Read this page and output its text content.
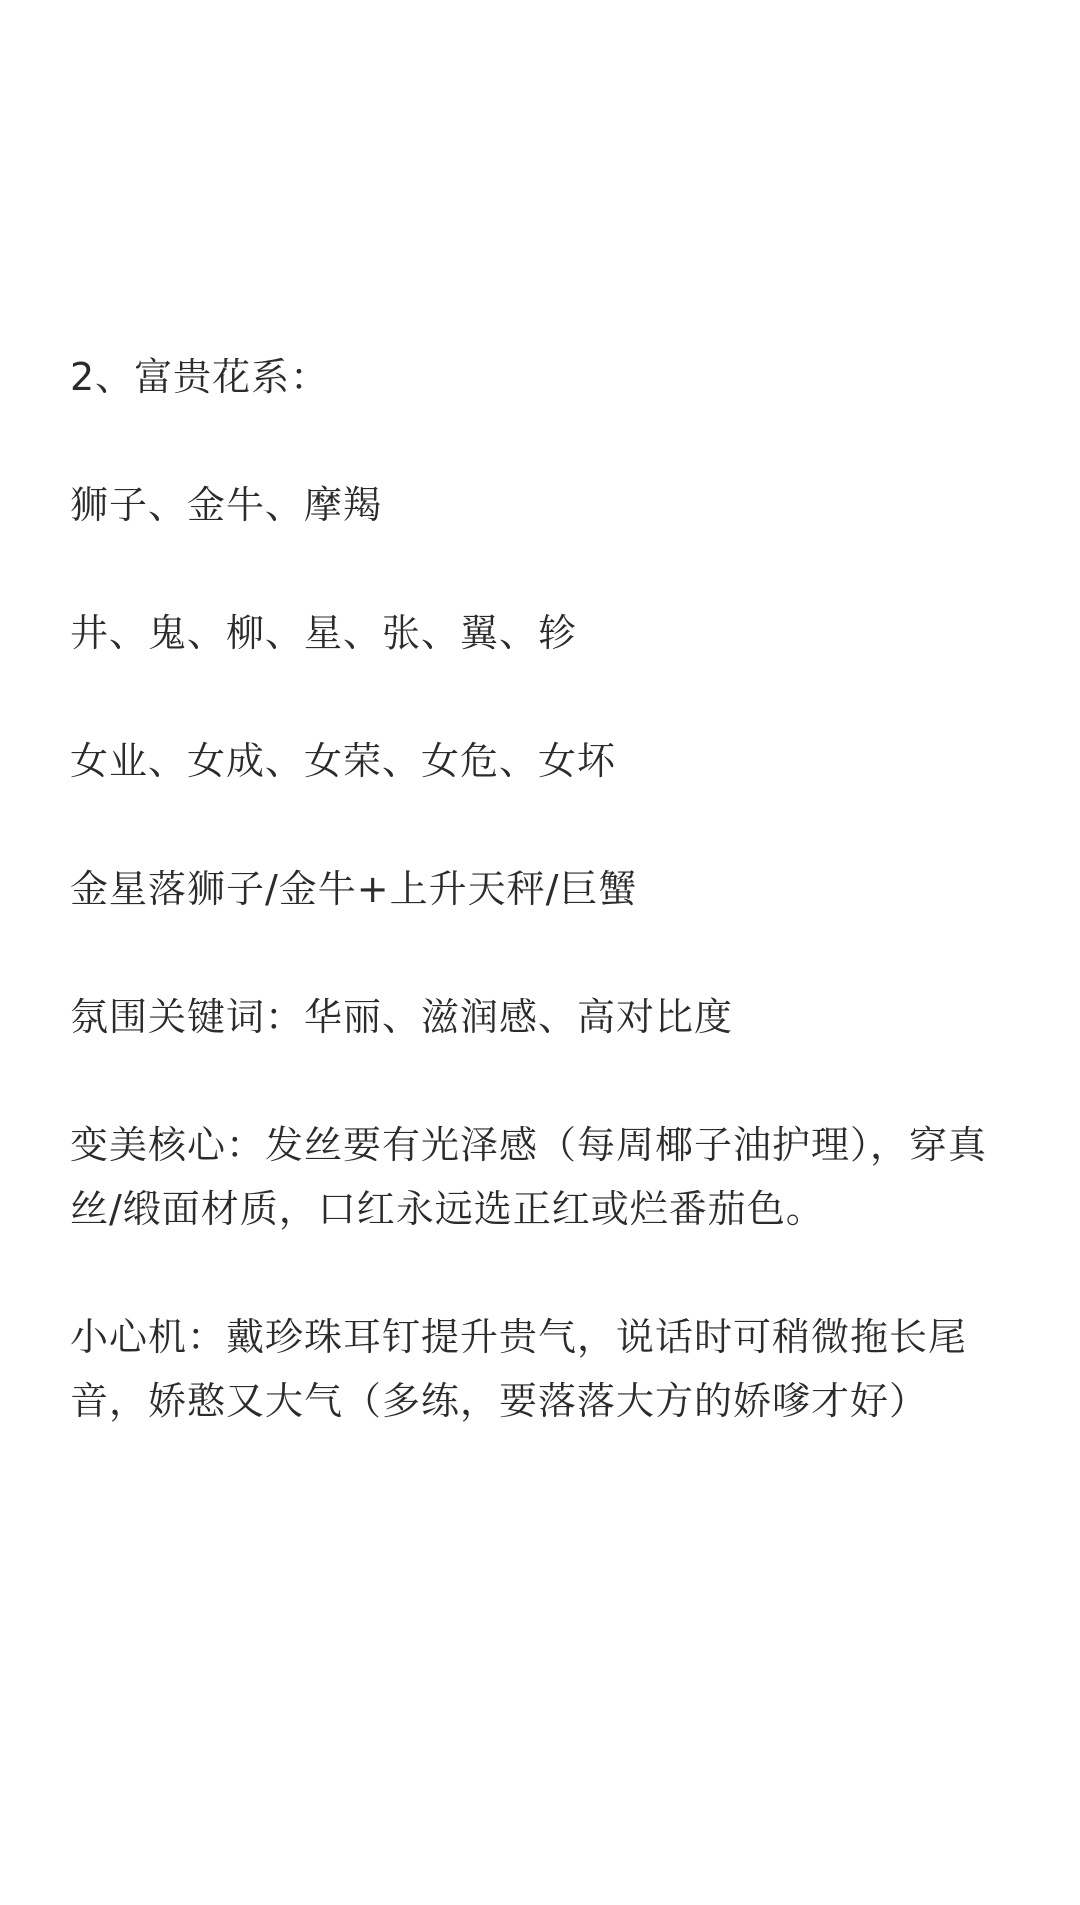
2、富贵花系：

狮子、金牛、摩羯

井、鬼、柳、星、张、翼、轸

女业、女成、女荣、女危、女坏

金星落狮子/金牛+上升天秤/巨蟹

氛围关键词：华丽、滋润感、高对比度

变美核心：发丝要有光泽感（每周椰子油护理），穿真丝/缎面材质，口红永远选正红或烂番茄色。

小心机：戴珍珠耳钉提升贵气，说话时可稍微拖长尾音，娇憨又大气（多练，要落落大方的娇嗲才好）
